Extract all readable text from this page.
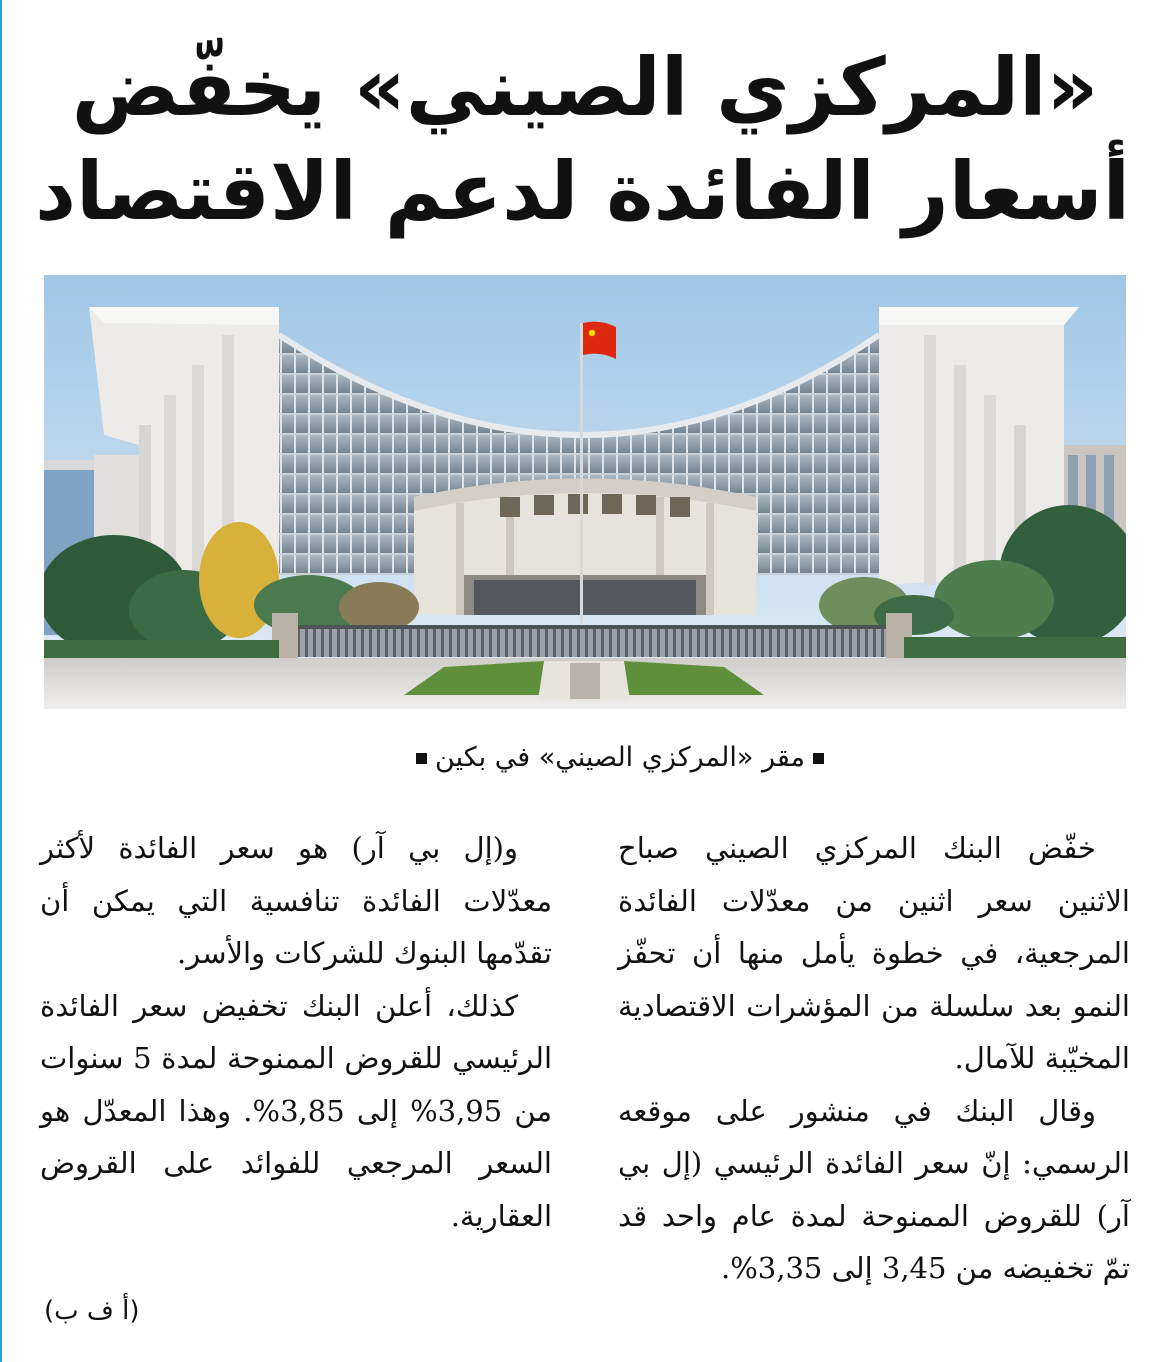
«المركزي الصيني» يخفّض
أسعار الفائدة لدعم الاقتصاد
مقر «المركزي الصيني» في بكين

خفّض البنك المركزي الصيني صباح الاثنين سعر اثنين من معدّلات الفائدة المرجعية، في خطوة يأمل منها أن تحفّز النمو بعد سلسلة من المؤشرات الاقتصادية المخيّبة للآمال.

وقال البنك في منشور على موقعه الرسمي: إنّ سعر الفائدة الرئيسي (إل بي آر) للقروض الممنوحة لمدة عام واحد قد تمّ تخفيضه من 3,45 إلى 3,35%.

و(إل بي آر) هو سعر الفائدة لأكثر معدّلات الفائدة تنافسية التي يمكن أن تقدّمها البنوك للشركات والأسر.

كذلك، أعلن البنك تخفيض سعر الفائدة الرئيسي للقروض الممنوحة لمدة 5 سنوات من 3,95% إلى 3,85%. وهذا المعدّل هو السعر المرجعي للفوائد على القروض العقارية.

(أ ف ب)
